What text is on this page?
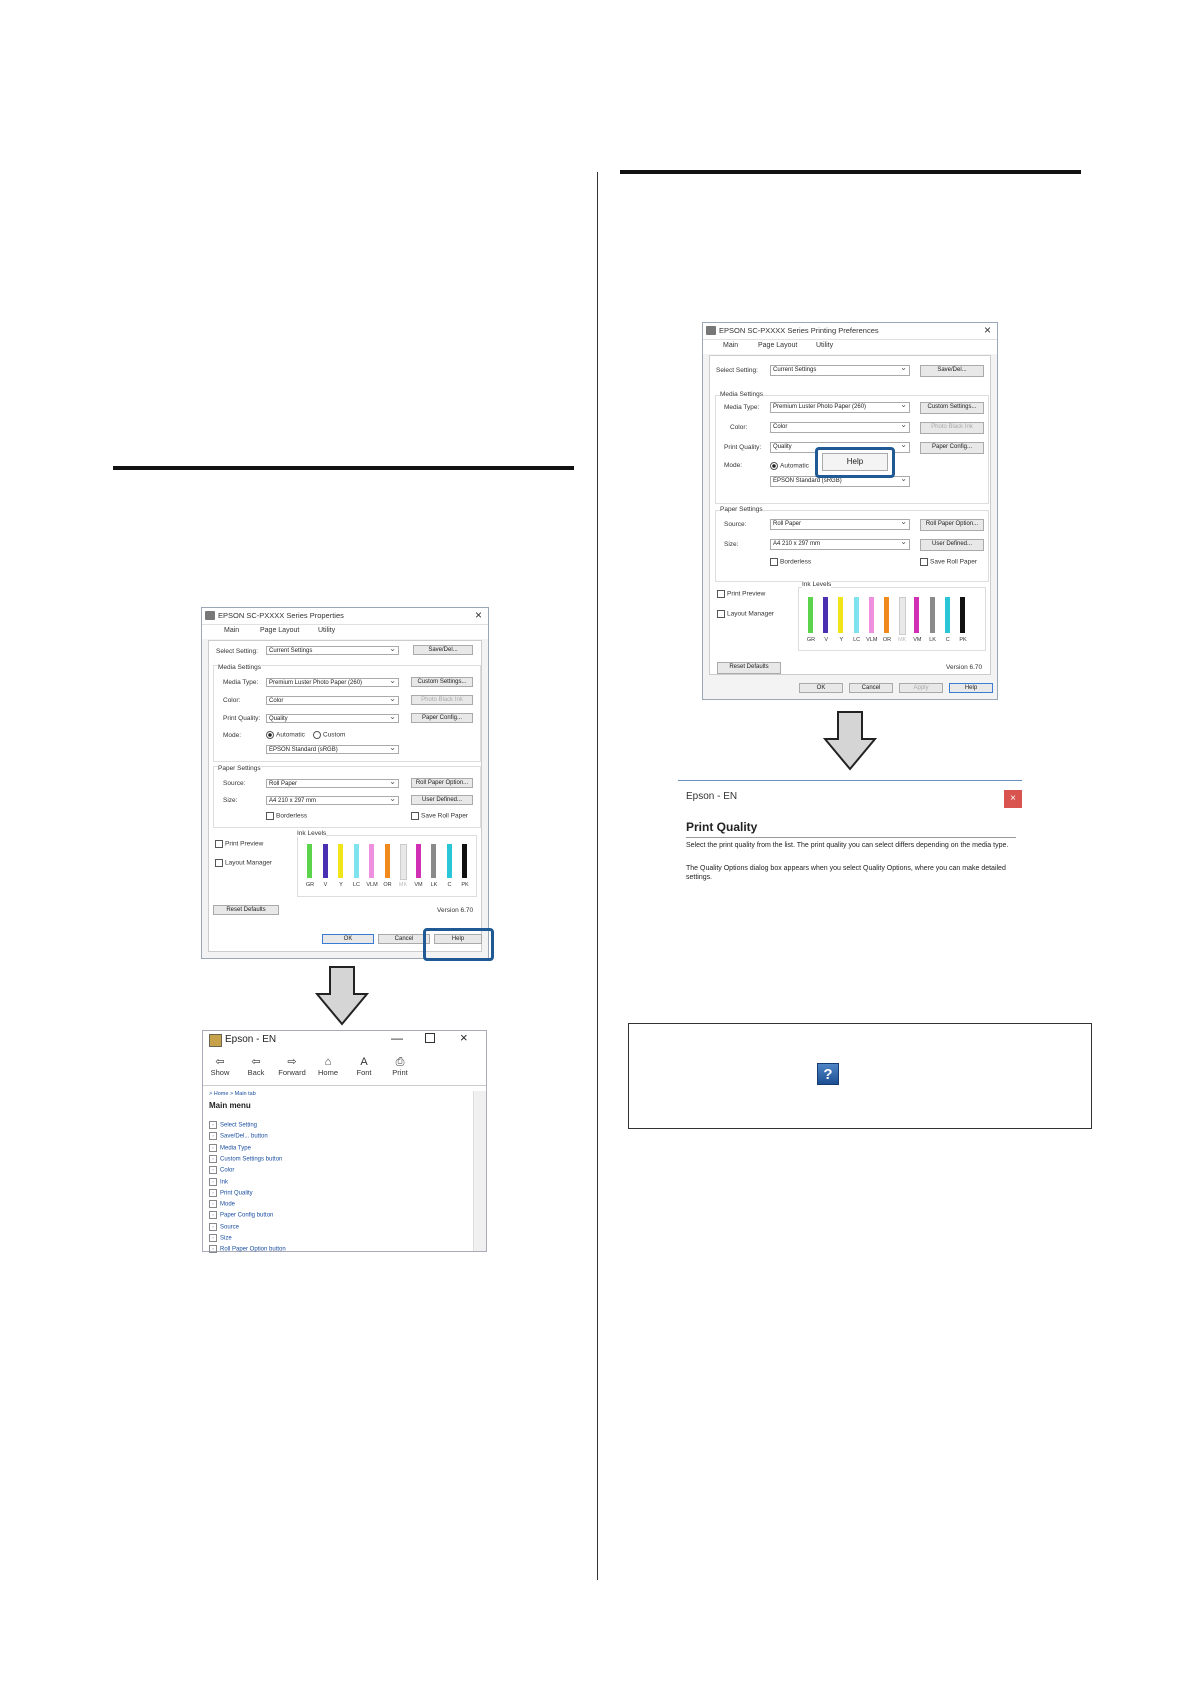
EPSON SC-PXXXX Series Properties	×
Main	Page Layout	Utility
Select Setting:	Current Settings ⌄	Save/Del...
Media Settings
Media Type:	Premium Luster Photo Paper (260) ⌄	Custom Settings...
Color:	Color ⌄	Photo Black Ink
Print Quality:	Quality ⌄	Paper Config...
Mode:	Automatic	Custom
EPSON Standard (sRGB) ⌄
Paper Settings
Source:	Roll Paper ⌄	Roll Paper Option...
Size:	A4 210 x 297 mm ⌄	User Defined...
Borderless	Save Roll Paper
Print Preview
Layout Manager
Ink Levels
GR	V	Y	LC	VLM	OR	MK	VM	LK	C	PK
Reset Defaults	Version 6.70
OK	Cancel	Help
Epson - EN	—	×
⇦
Show
⇦
Back
⇨
Forward
⌂
Home
A
Font
⎙
Print
> Home > Main tab
Main menu
› Select Setting
› Save/Del... button
› Media Type
› Custom Settings button
› Color
› Ink
› Print Quality
› Mode
› Paper Config button
› Source
› Size
› Roll Paper Option button
EPSON SC-PXXXX Series Printing Preferences	×
Main	Page Layout	Utility
Select Setting:	Current Settings ⌄	Save/Del...
Media Settings
Media Type:	Premium Luster Photo Paper (260) ⌄	Custom Settings...
Color:	Color ⌄	Photo Black Ink
Print Quality:	Quality ⌄	Paper Config...
Mode:	Automatic
EPSON Standard (sRGB) ⌄
Paper Settings
Source:	Roll Paper ⌄	Roll Paper Option...
Size:	A4 210 x 297 mm ⌄	User Defined...
Borderless	Save Roll Paper
Print Preview
Layout Manager
Ink Levels
GR	V	Y	LC	VLM OR	MK	VM	LK	C	PK
Reset Defaults	Version 6.70
OK	Cancel	Apply	Help
Help
Epson - EN	×
Print Quality

Select the print quality from the list. The print quality you can select differs depending on the media type.

The Quality Options dialog box appears when you select Quality Options, where you can make detailed settings.

?
